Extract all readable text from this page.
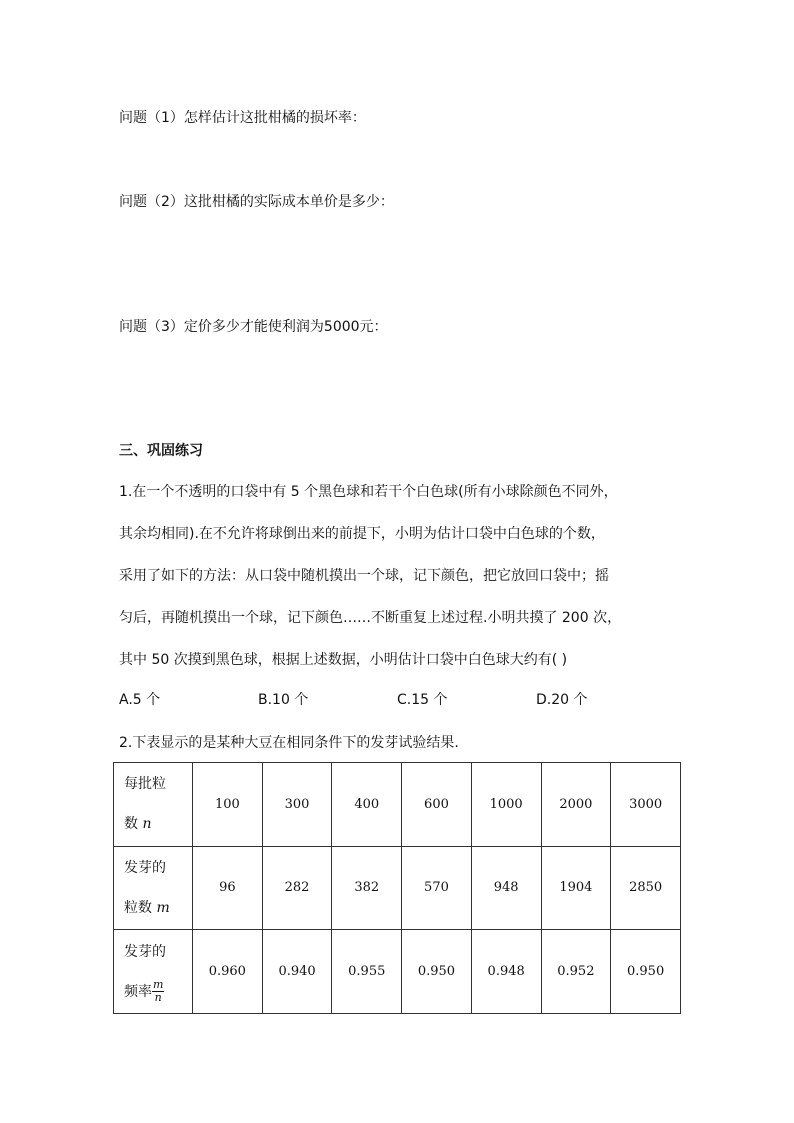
问题（1）怎样估计这批柑橘的损坏率：
问题（2）这批柑橘的实际成本单价是多少：
问题（3）定价多少才能使利润为5000元：
三、巩固练习
1.在一个不透明的口袋中有 5 个黑色球和若干个白色球(所有小球除颜色不同外，
其余均相同).在不允许将球倒出来的前提下，小明为估计口袋中白色球的个数，
采用了如下的方法：从口袋中随机摸出一个球，记下颜色，把它放回口袋中；摇
匀后，再随机摸出一个球，记下颜色……不断重复上述过程.小明共摸了 200 次，
其中 50 次摸到黑色球，根据上述数据，小明估计口袋中白色球大约有( )
A.5 个	B.10 个	C.15 个	D.20 个
2.下表显示的是某种大豆在相同条件下的发芽试验结果.
每批粒
数 n	100	300	400	600	1000	2000	3000
发芽的
粒数 m	96	282	382	570	948	1904	2850
发芽的
频率 $\frac{m}{n}$	0.960	0.940	0.955	0.950	0.948	0.952	0.950
